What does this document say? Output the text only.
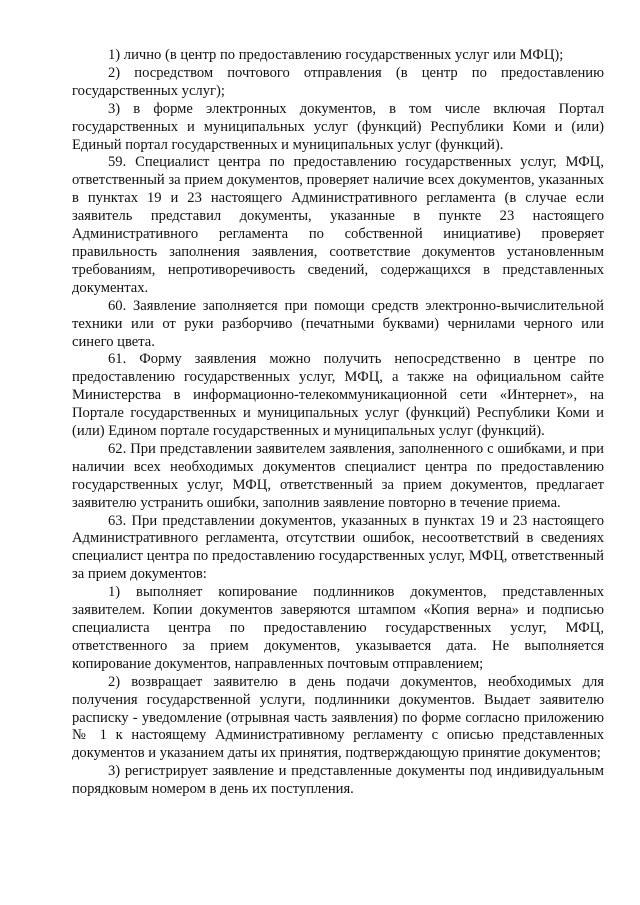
1) лично (в центр по предоставлению государственных услуг или МФЦ);

2) посредством почтового отправления (в центр по предоставлению государственных услуг);

3) в форме электронных документов, в том числе включая Портал государственных и муниципальных услуг (функций) Республики Коми и (или) Единый портал государственных и муниципальных услуг (функций).

59. Специалист центра по предоставлению государственных услуг, МФЦ, ответственный за прием документов, проверяет наличие всех документов, указанных в пунктах 19 и 23 настоящего Административного регламента (в случае если заявитель представил документы, указанные в пункте 23 настоящего Административного регламента по собственной инициативе) проверяет правильность заполнения заявления, соответствие документов установленным требованиям, непротиворечивость сведений, содержащихся в представленных документах.

60. Заявление заполняется при помощи средств электронно-вычислительной техники или от руки разборчиво (печатными буквами) чернилами черного или синего цвета.

61. Форму заявления можно получить непосредственно в центре по предоставлению государственных услуг, МФЦ, а также на официальном сайте Министерства в информационно-телекоммуникационной сети «Интернет», на Портале государственных и муниципальных услуг (функций) Республики Коми и (или) Едином портале государственных и муниципальных услуг (функций).

62. При представлении заявителем заявления, заполненного с ошибками, и при наличии всех необходимых документов специалист центра по предоставлению государственных услуг, МФЦ, ответственный за прием документов, предлагает заявителю устранить ошибки, заполнив заявление повторно в течение приема.

63. При представлении документов, указанных в пунктах 19 и 23 настоящего Административного регламента, отсутствии ошибок, несоответствий в сведениях специалист центра по предоставлению государственных услуг, МФЦ, ответственный за прием документов:

1) выполняет копирование подлинников документов, представленных заявителем. Копии документов заверяются штампом «Копия верна» и подписью специалиста центра по предоставлению государственных услуг, МФЦ, ответственного за прием документов, указывается дата. Не выполняется копирование документов, направленных почтовым отправлением;

2) возвращает заявителю в день подачи документов, необходимых для получения государственной услуги, подлинники документов. Выдает заявителю расписку - уведомление (отрывная часть заявления) по форме согласно приложению № 1 к настоящему Административному регламенту с описью представленных документов и указанием даты их принятия, подтверждающую принятие документов;

3) регистрирует заявление и представленные документы под индивидуальным порядковым номером в день их поступления.
